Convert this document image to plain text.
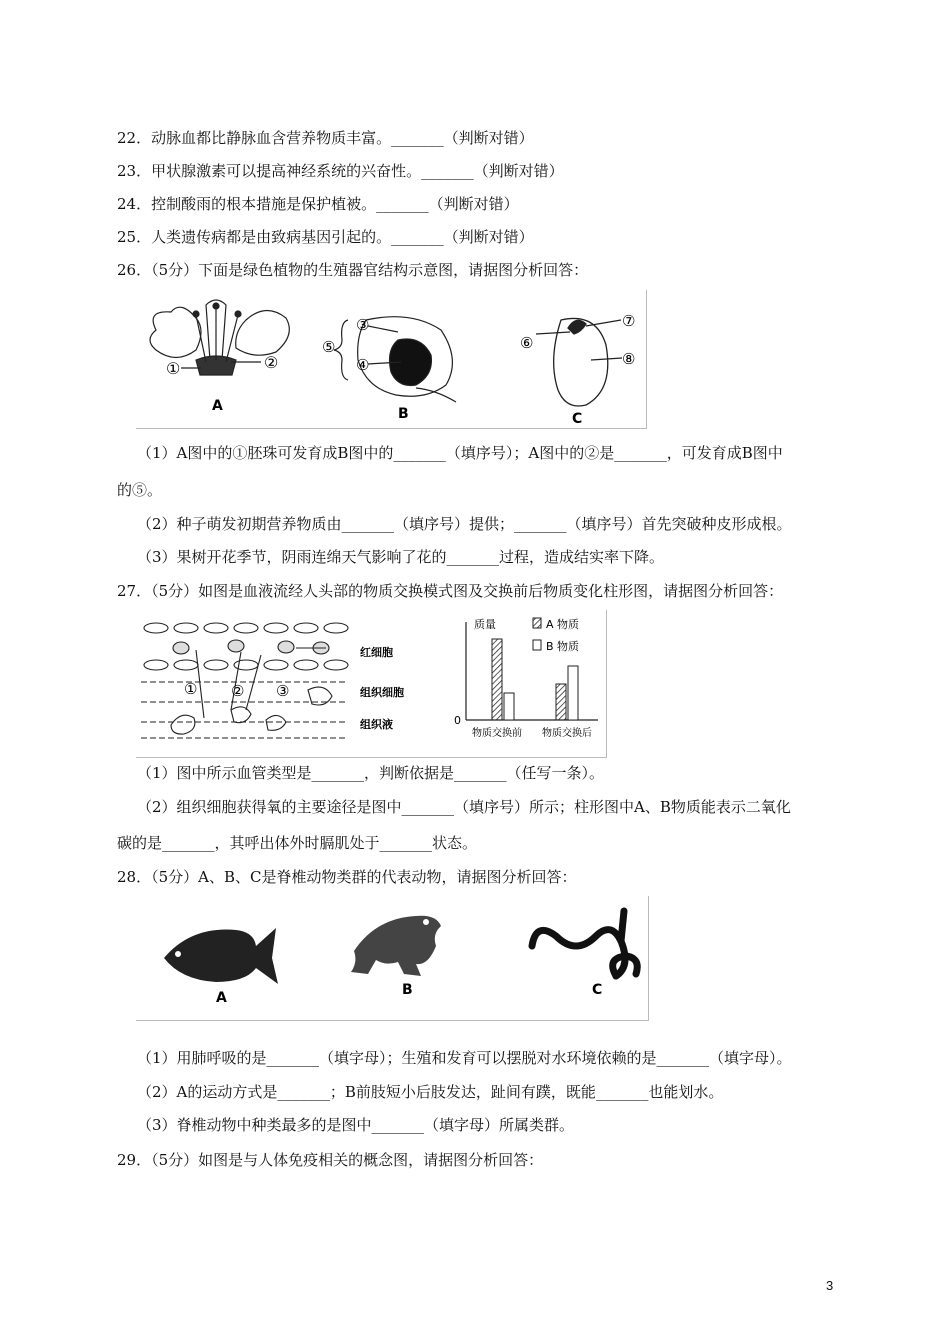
22．动脉血都比静脉血含营养物质丰富。_______（判断对错）
23．甲状腺激素可以提高神经系统的兴奋性。_______（判断对错）
24．控制酸雨的根本措施是保护植被。_______（判断对错）
25．人类遗传病都是由致病基因引起的。_______（判断对错）
26．（5分）下面是绿色植物的生殖器官结构示意图，请据图分析回答：
①	②
A
③
④
⑤
B
⑥
⑦
⑧
C
（1）A图中的①胚珠可发育成B图中的_______（填序号）；A图中的②是_______，可发育成B图中
的⑤。
（2）种子萌发初期营养物质由_______（填序号）提供；_______（填序号）首先突破种皮形成根。
（3）果树开花季节，阴雨连绵天气影响了花的_______过程，造成结实率下降。
27．（5分）如图是血液流经人头部的物质交换模式图及交换前后物质变化柱形图，请据图分析回答：
① ② ③
红细胞
组织细胞
组织液
质量
0
A 物质
B 物质
物质交换前 物质交换后
（1）图中所示血管类型是_______，判断依据是_______（任写一条）。
（2）组织细胞获得氧的主要途径是图中_______（填序号）所示；柱形图中A、B物质能表示二氧化
碳的是_______，其呼出体外时膈肌处于_______状态。
28．（5分）A、B、C是脊椎动物类群的代表动物，请据图分析回答：
A	B	C
（1）用肺呼吸的是_______（填字母）；生殖和发育可以摆脱对水环境依赖的是_______（填字母）。
（2）A的运动方式是_______；B前肢短小后肢发达，趾间有蹼，既能_______也能划水。
（3）脊椎动物中种类最多的是图中_______（填字母）所属类群。
29．（5分）如图是与人体免疫相关的概念图，请据图分析回答：
3
